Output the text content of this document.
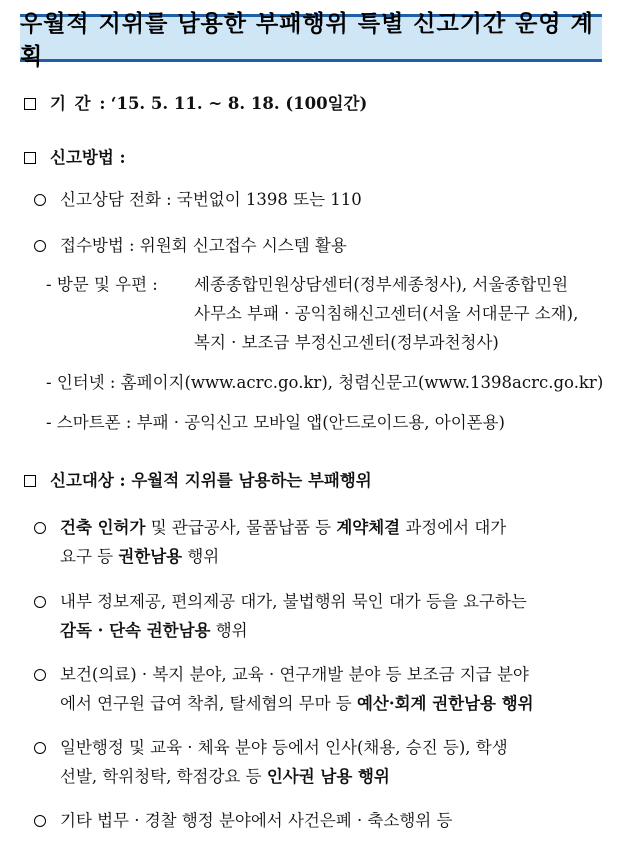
우월적 지위를 남용한 부패행위 특별 신고기간 운영 계획
기 간 : ‘15. 5. 11. ~ 8. 18. (100일간)
신고방법 :
신고상담 전화 : 국번없이 1398 또는 110
접수방법 : 위원회 신고접수 시스템 활용
- 방문 및 우편 : 세종종합민원상담센터(정부세종청사), 서울종합민원
사무소 부패 · 공익침해신고센터(서울 서대문구 소재),
복지 · 보조금 부정신고센터(정부과천청사)
- 인터넷 : 홈페이지(www.acrc.go.kr), 청렴신문고(www.1398acrc.go.kr)
- 스마트폰 : 부패 · 공익신고 모바일 앱(안드로이드용, 아이폰용)
신고대상 : 우월적 지위를 남용하는 부패행위
건축 인허가 및 관급공사, 물품납품 등 계약체결 과정에서 대가
요구 등 권한남용 행위
내부 정보제공, 편의제공 대가, 불법행위 묵인 대가 등을 요구하는
감독 · 단속 권한남용 행위
보건(의료) · 복지 분야, 교육 · 연구개발 분야 등 보조금 지급 분야
에서 연구원 급여 착취, 탈세혐의 무마 등 예산·회계 권한남용 행위
일반행정 및 교육 · 체육 분야 등에서 인사(채용, 승진 등), 학생
선발, 학위청탁, 학점강요 등 인사권 남용 행위
기타 법무 · 경찰 행정 분야에서 사건은폐 · 축소행위 등
